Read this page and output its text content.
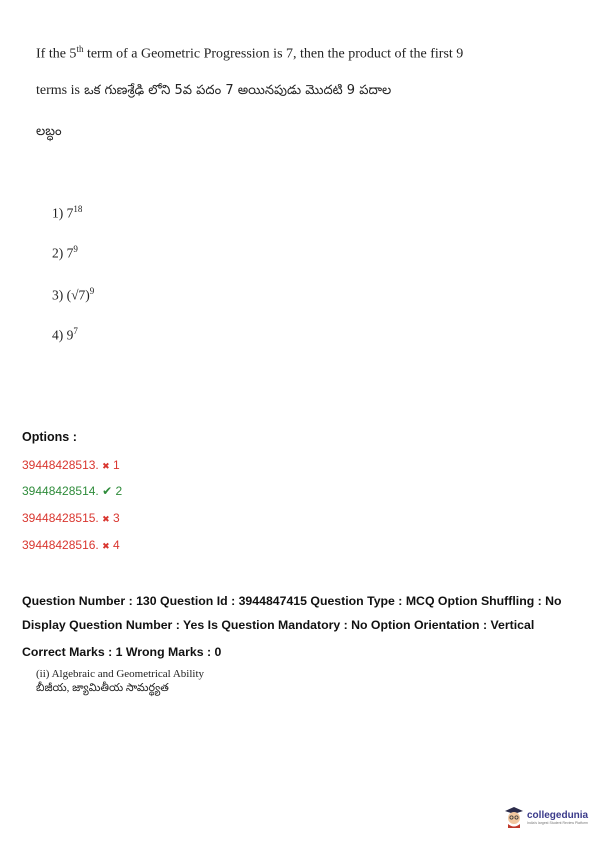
If the 5th term of a Geometric Progression is 7, then the product of the first 9
terms is ఒక గుణశ్రేఢి లోని 5వ పదం 7 అయినపుడు మొదటి 9 పదాల
లబ్ధం
1) $7^{18}$
2) $7^9$
3) $(√7)^9$
4) $9^7$
Options :
39448428513. ✖ 1
39448428514. ✔ 2
39448428515. ✖ 3
39448428516. ✖ 4
Question Number : 130 Question Id : 3944847415 Question Type : MCQ Option Shuffling : No
Display Question Number : Yes Is Question Mandatory : No Option Orientation : Vertical
Correct Marks : 1 Wrong Marks : 0
(ii) Algebraic and Geometrical Ability
బీజీయ, జ్యామితీయ సామర్థ్యత
collegedunia
India's largest Student Review Platform
